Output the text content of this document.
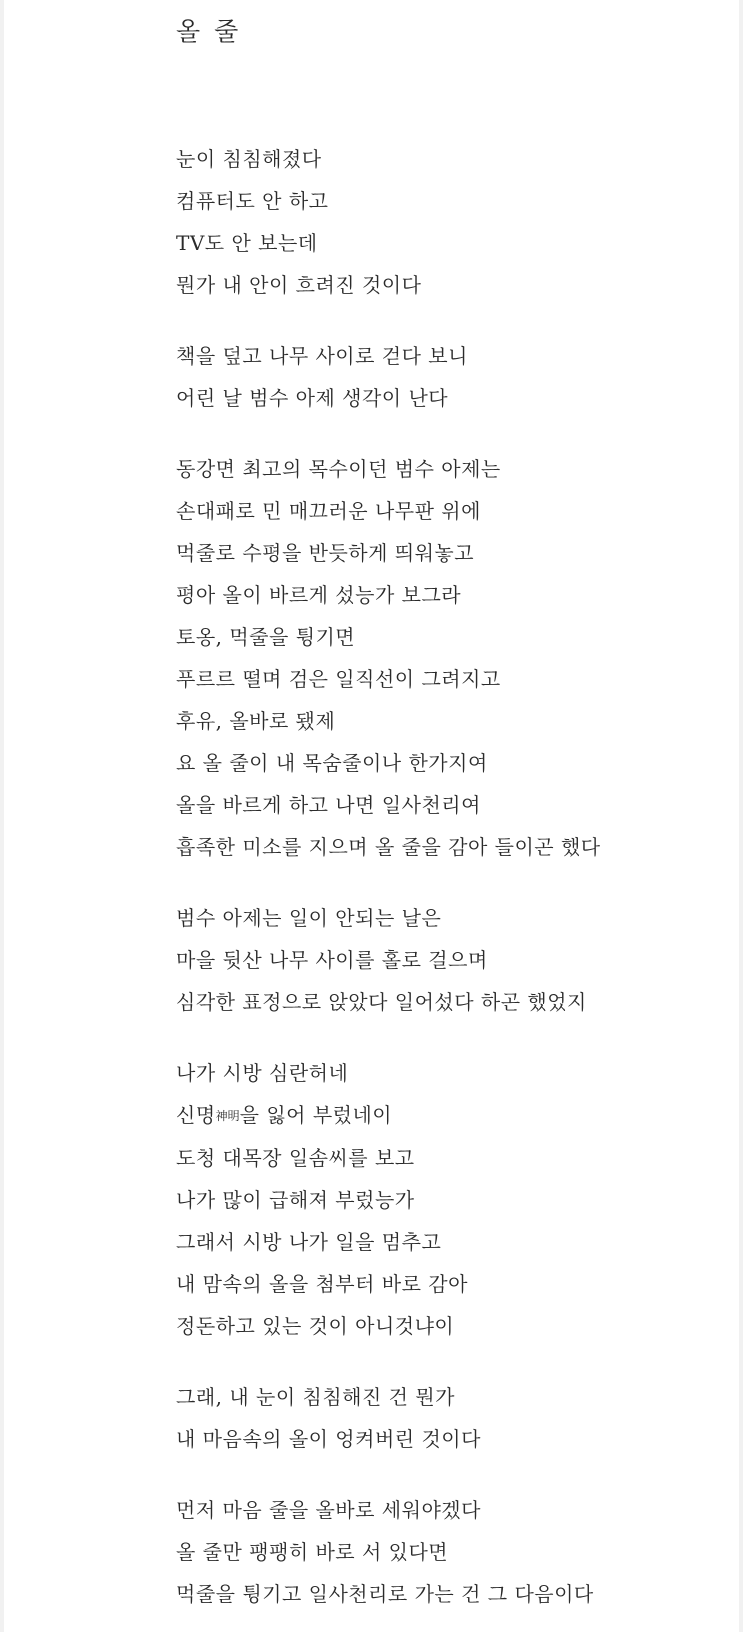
올 줄
눈이 침침해졌다
컴퓨터도 안 하고
TV도 안 보는데
뭔가 내 안이 흐려진 것이다
책을 덮고 나무 사이로 걷다 보니
어린 날 범수 아제 생각이 난다
동강면 최고의 목수이던 범수 아제는
손대패로 민 매끄러운 나무판 위에
먹줄로 수평을 반듯하게 띄워놓고
평아 올이 바르게 섰능가 보그라
토옹, 먹줄을 튕기면
푸르르 떨며 검은 일직선이 그려지고
후유, 올바로 됐제
요 올 줄이 내 목숨줄이나 한가지여
올을 바르게 하고 나면 일사천리여
흡족한 미소를 지으며 올 줄을 감아 들이곤 했다
범수 아제는 일이 안되는 날은
마을 뒷산 나무 사이를 홀로 걸으며
심각한 표정으로 앉았다 일어섰다 하곤 했었지
나가 시방 심란허네
신명神明을 잃어 부렀네이
도청 대목장 일솜씨를 보고
나가 많이 급해져 부렀능가
그래서 시방 나가 일을 멈추고
내 맘속의 올을 첨부터 바로 감아
정돈하고 있는 것이 아니것냐이
그래, 내 눈이 침침해진 건 뭔가
내 마음속의 올이 엉켜버린 것이다
먼저 마음 줄을 올바로 세워야겠다
올 줄만 팽팽히 바로 서 있다면
먹줄을 튕기고 일사천리로 가는 건 그 다음이다
